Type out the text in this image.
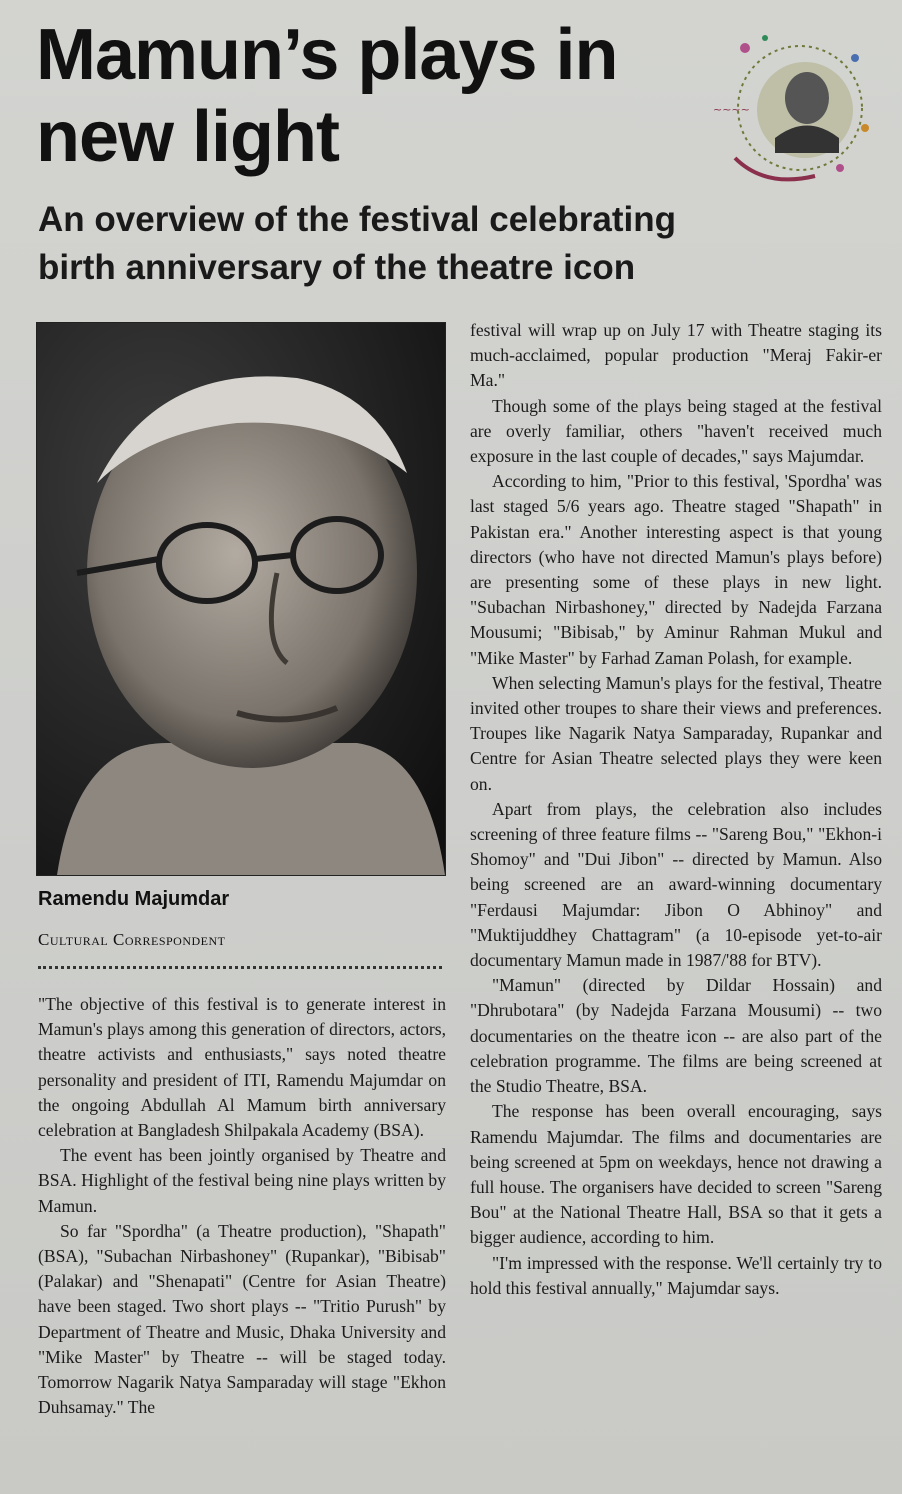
Mamun’s plays in new light
An overview of the festival celebrating birth anniversary of the theatre icon
~~~~
Ramendu Majumdar
Cultural Correspondent

"The objective of this festival is to generate interest in Mamun's plays among this generation of directors, actors, theatre activists and enthusiasts," says noted theatre personality and president of ITI, Ramendu Majumdar on the ongoing Abdullah Al Mamum birth anniversary celebration at Bangladesh Shilpakala Academy (BSA).

The event has been jointly organised by Theatre and BSA. Highlight of the festival being nine plays written by Mamun.

So far "Spordha" (a Theatre production), "Shapath" (BSA), "Subachan Nirbashoney" (Rupankar), "Bibisab" (Palakar) and "Shenapati" (Centre for Asian Theatre) have been staged. Two short plays -- "Tritio Purush" by Department of Theatre and Music, Dhaka University and "Mike Master" by Theatre -- will be staged today. Tomorrow Nagarik Natya Samparaday will stage "Ekhon Duhsamay." The

festival will wrap up on July 17 with Theatre staging its much-acclaimed, popular production "Meraj Fakir-er Ma."

Though some of the plays being staged at the festival are overly familiar, others "haven't received much exposure in the last couple of decades," says Majumdar.

According to him, "Prior to this festival, 'Spordha' was last staged 5/6 years ago. Theatre staged "Shapath" in Pakistan era." Another interesting aspect is that young directors (who have not directed Mamun's plays before) are presenting some of these plays in new light. "Subachan Nirbashoney," directed by Nadejda Farzana Mousumi; "Bibisab," by Aminur Rahman Mukul and "Mike Master" by Farhad Zaman Polash, for example.

When selecting Mamun's plays for the festival, Theatre invited other troupes to share their views and preferences. Troupes like Nagarik Natya Samparaday, Rupankar and Centre for Asian Theatre selected plays they were keen on.

Apart from plays, the celebration also includes screening of three feature films -- "Sareng Bou," "Ekhon-i Shomoy" and "Dui Jibon" -- directed by Mamun. Also being screened are an award-winning documentary "Ferdausi Majumdar: Jibon O Abhinoy" and "Muktijuddhey Chattagram" (a 10-episode yet-to-air documentary Mamun made in 1987/'88 for BTV).

"Mamun" (directed by Dildar Hossain) and "Dhrubotara" (by Nadejda Farzana Mousumi) -- two documentaries on the theatre icon -- are also part of the celebration programme. The films are being screened at the Studio Theatre, BSA.

The response has been overall encouraging, says Ramendu Majumdar. The films and documentaries are being screened at 5pm on weekdays, hence not drawing a full house. The organisers have decided to screen "Sareng Bou" at the National Theatre Hall, BSA so that it gets a bigger audience, according to him.

"I'm impressed with the response. We'll certainly try to hold this festival annually," Majumdar says.
